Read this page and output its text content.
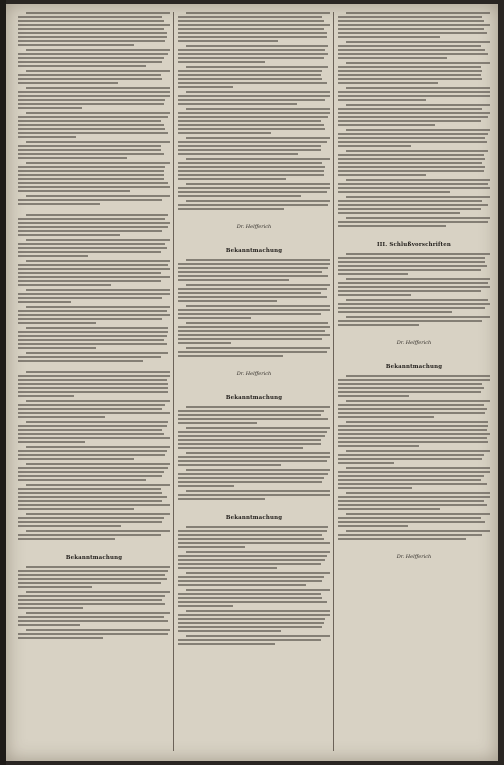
Bekanntmachung
Dr. Helfferich
Bekanntmachung
Dr. Helfferich
Bekanntmachung
Bekanntmachung
III. Schlußvorschriften
Dr. Helfferich
Bekanntmachung
Dr. Helfferich
